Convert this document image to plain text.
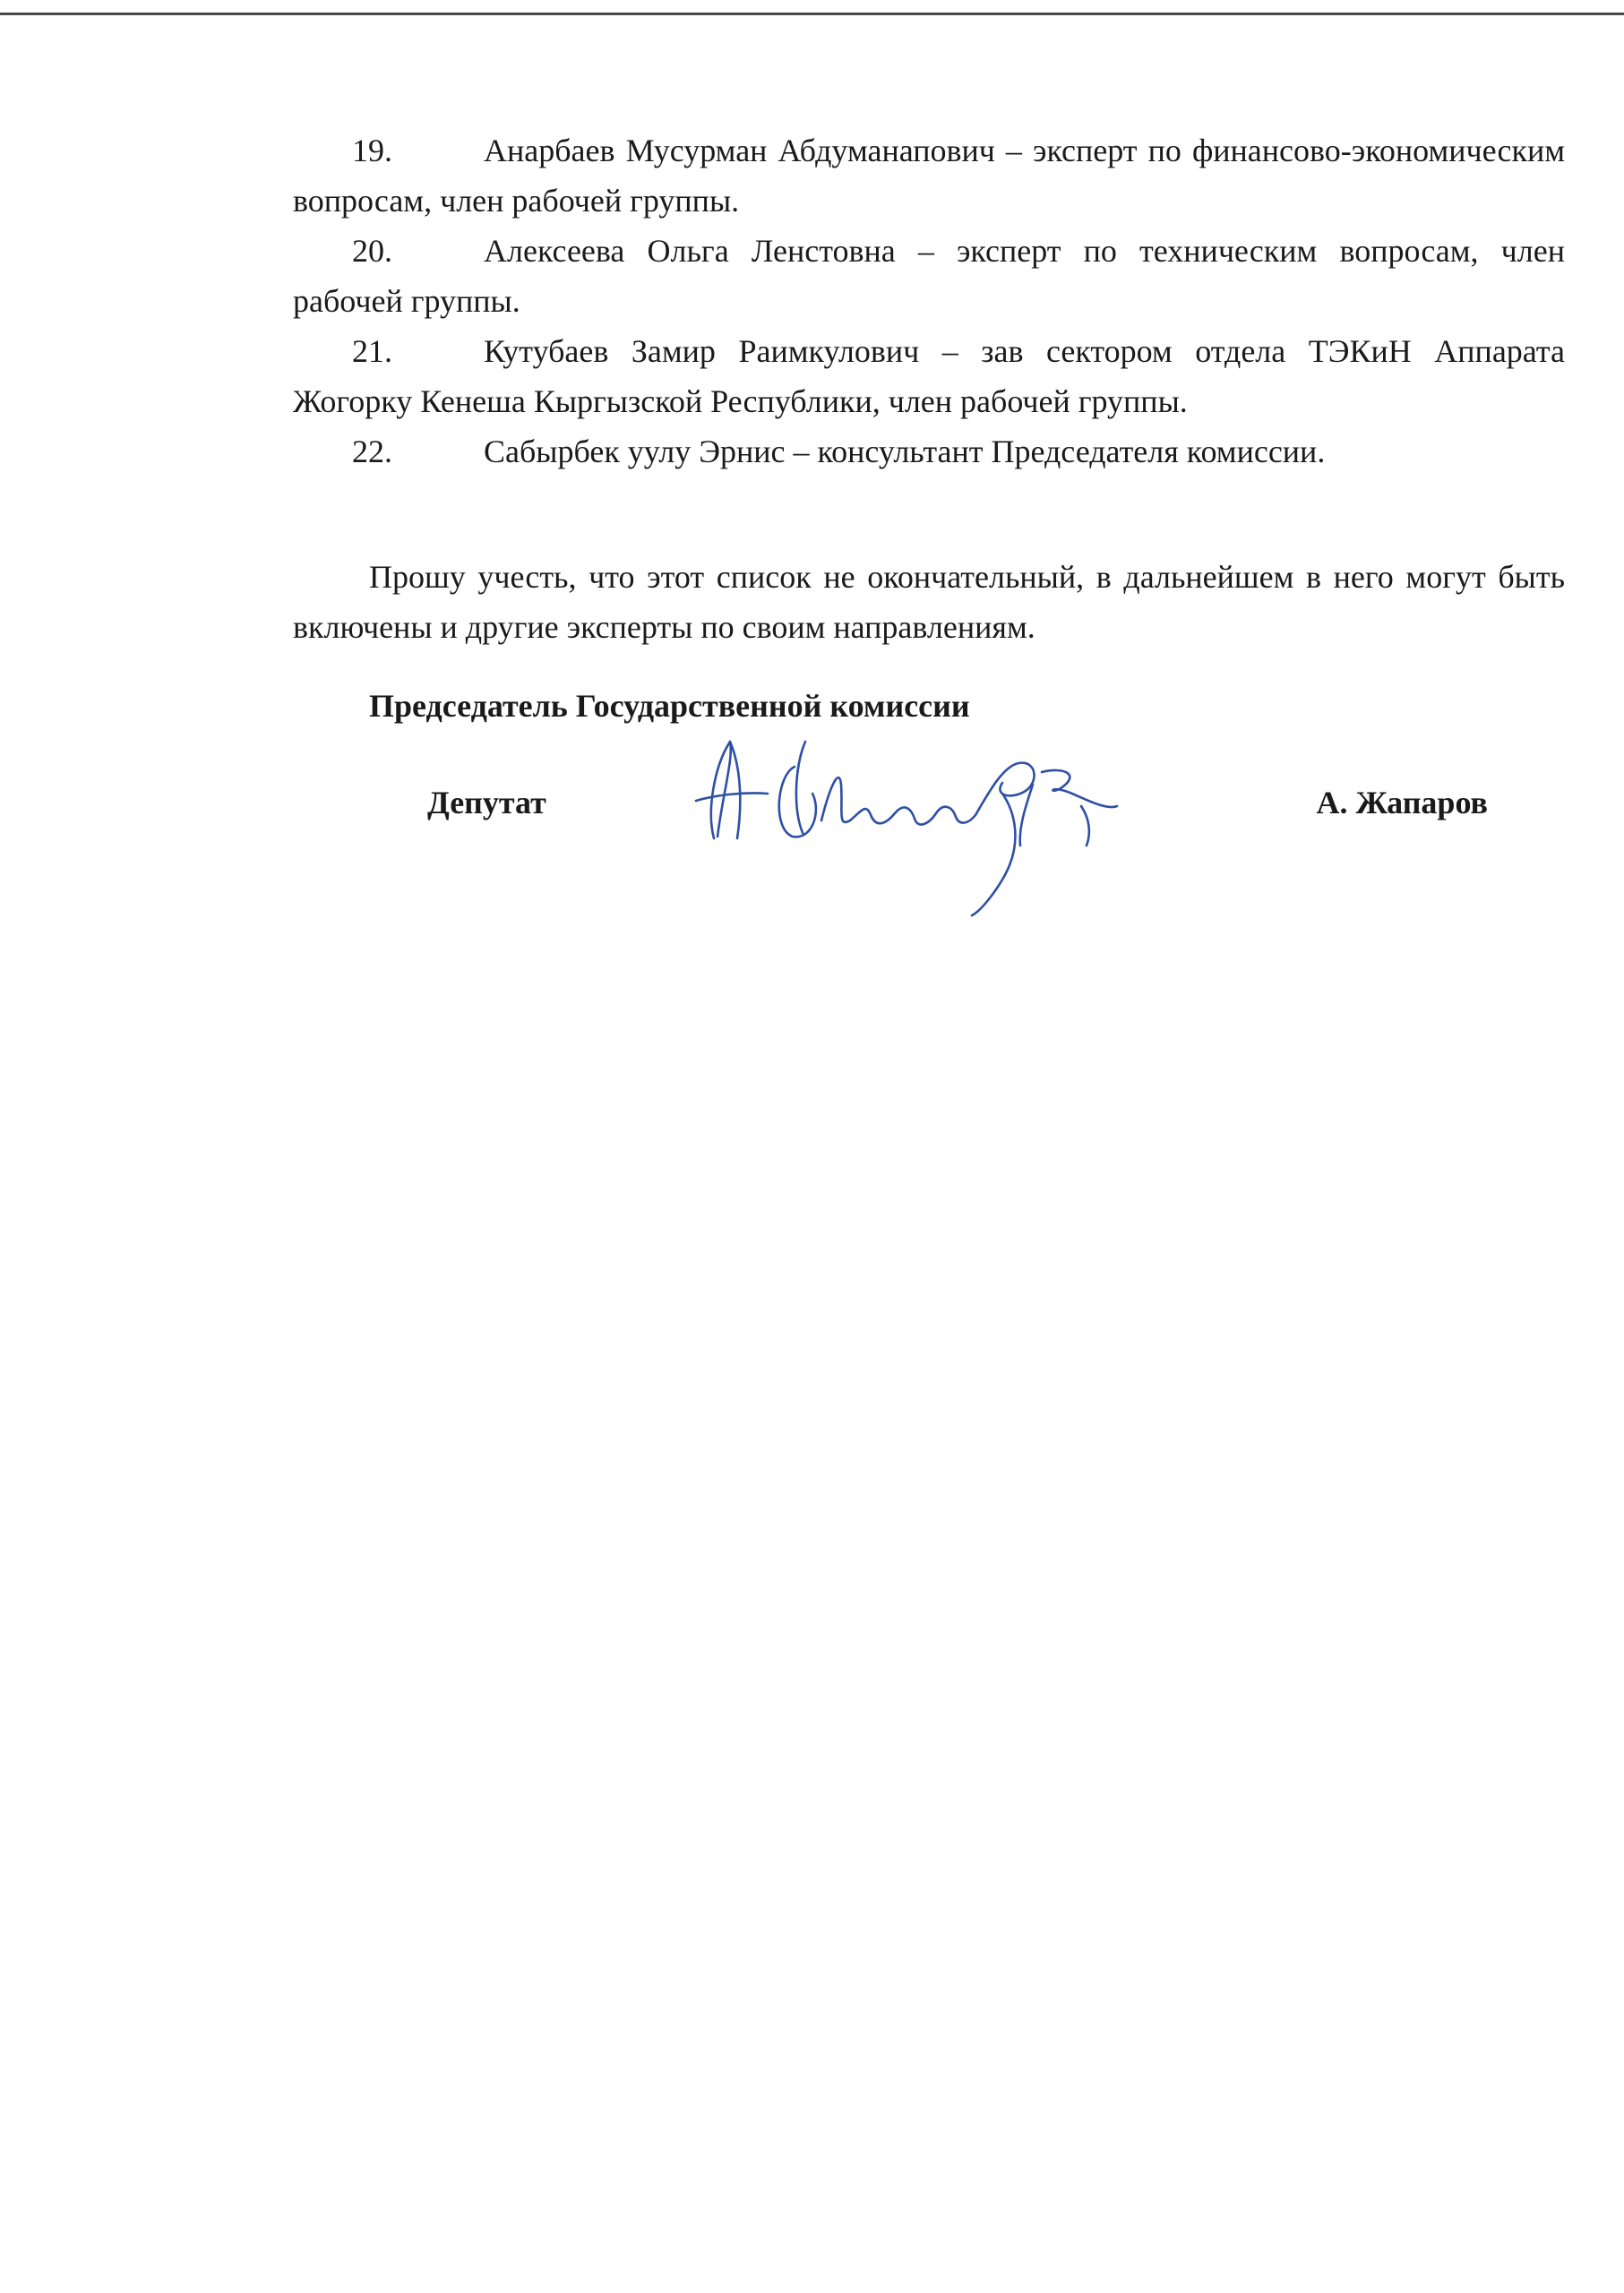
19.	Анарбаев Мусурман Абдуманапович – эксперт по финансово-экономическим вопросам, член рабочей группы.

20.	Алексеева Ольга Ленстовна – эксперт по техническим вопросам, член рабочей группы.

21.	Кутубаев Замир Раимкулович – зав сектором отдела ТЭКиН Аппарата Жогорку Кенеша Кыргызской Республики, член рабочей группы.

22.	Сабырбек уулу Эрнис – консультант Председателя комиссии.

Прошу учесть, что этот список не окончательный, в дальнейшем в него могут быть включены и другие эксперты по своим направлениям.

Председатель Государственной комиссии
Депутат	А. Жапаров
